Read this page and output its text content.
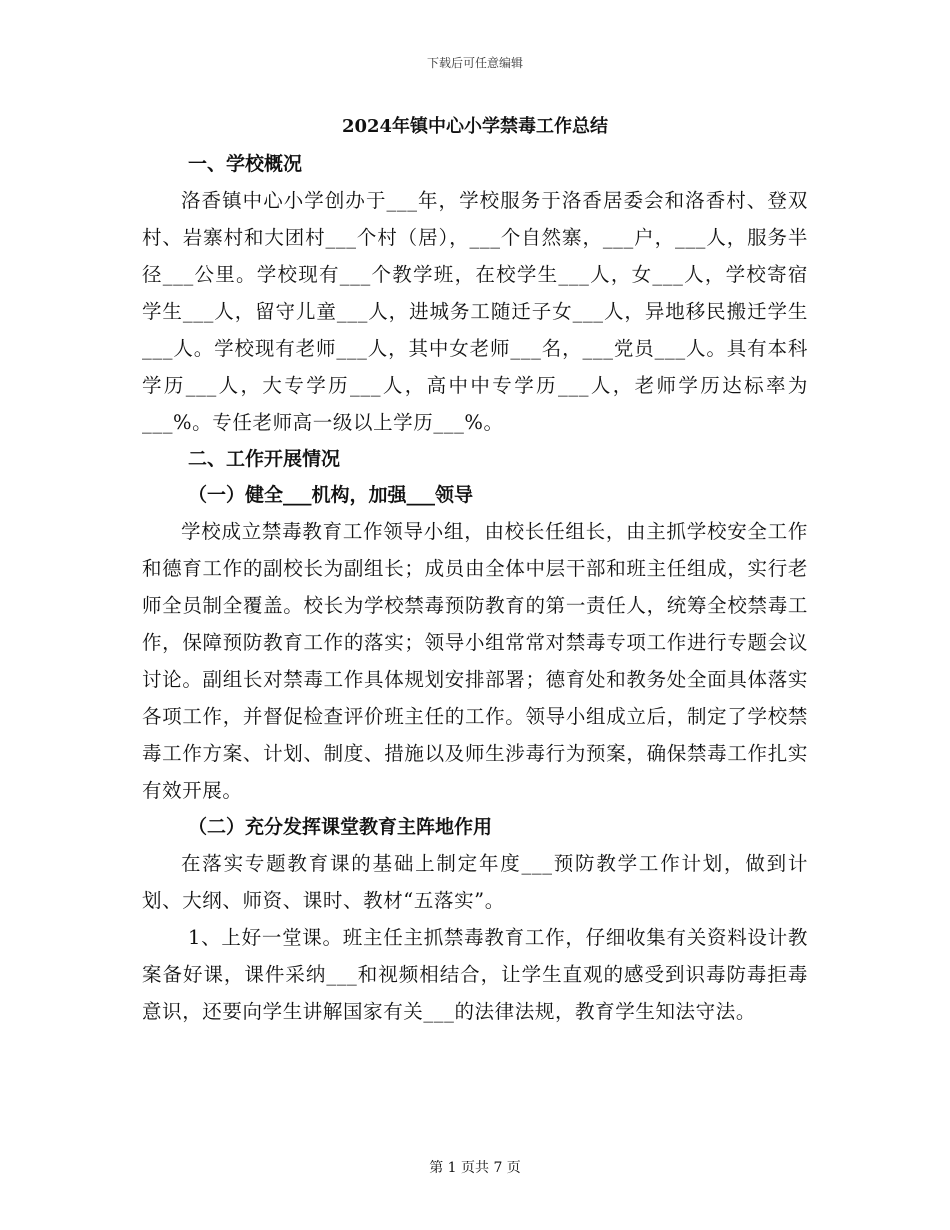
下载后可任意编辑
2024年镇中心小学禁毒工作总结
一、学校概况

洛香镇中心小学创办于___年，学校服务于洛香居委会和洛香村、登双村、岩寨村和大团村___个村（居），___个自然寨，___户，___人，服务半径___公里。学校现有___个教学班，在校学生___人，女___人，学校寄宿学生___人，留守儿童___人，进城务工随迁子女___人，异地移民搬迁学生___人。学校现有老师___人，其中女老师___名，___党员___人。具有本科学历___人，大专学历___人，高中中专学历___人，老师学历达标率为___%。专任老师高一级以上学历___%。

二、工作开展情况
（一）健全___机构，加强___领导

学校成立禁毒教育工作领导小组，由校长任组长，由主抓学校安全工作和德育工作的副校长为副组长；成员由全体中层干部和班主任组成，实行老师全员制全覆盖。校长为学校禁毒预防教育的第一责任人，统筹全校禁毒工作，保障预防教育工作的落实；领导小组常常对禁毒专项工作进行专题会议讨论。副组长对禁毒工作具体规划安排部署；德育处和教务处全面具体落实各项工作，并督促检查评价班主任的工作。领导小组成立后，制定了学校禁毒工作方案、计划、制度、措施以及师生涉毒行为预案，确保禁毒工作扎实有效开展。

（二）充分发挥课堂教育主阵地作用

在落实专题教育课的基础上制定年度___预防教学工作计划，做到计划、大纲、师资、课时、教材“五落实”。

1、上好一堂课。班主任主抓禁毒教育工作，仔细收集有关资料设计教案备好课，课件采纳___和视频相结合，让学生直观的感受到识毒防毒拒毒意识，还要向学生讲解国家有关___的法律法规，教育学生知法守法。

第 1 页共 7 页
